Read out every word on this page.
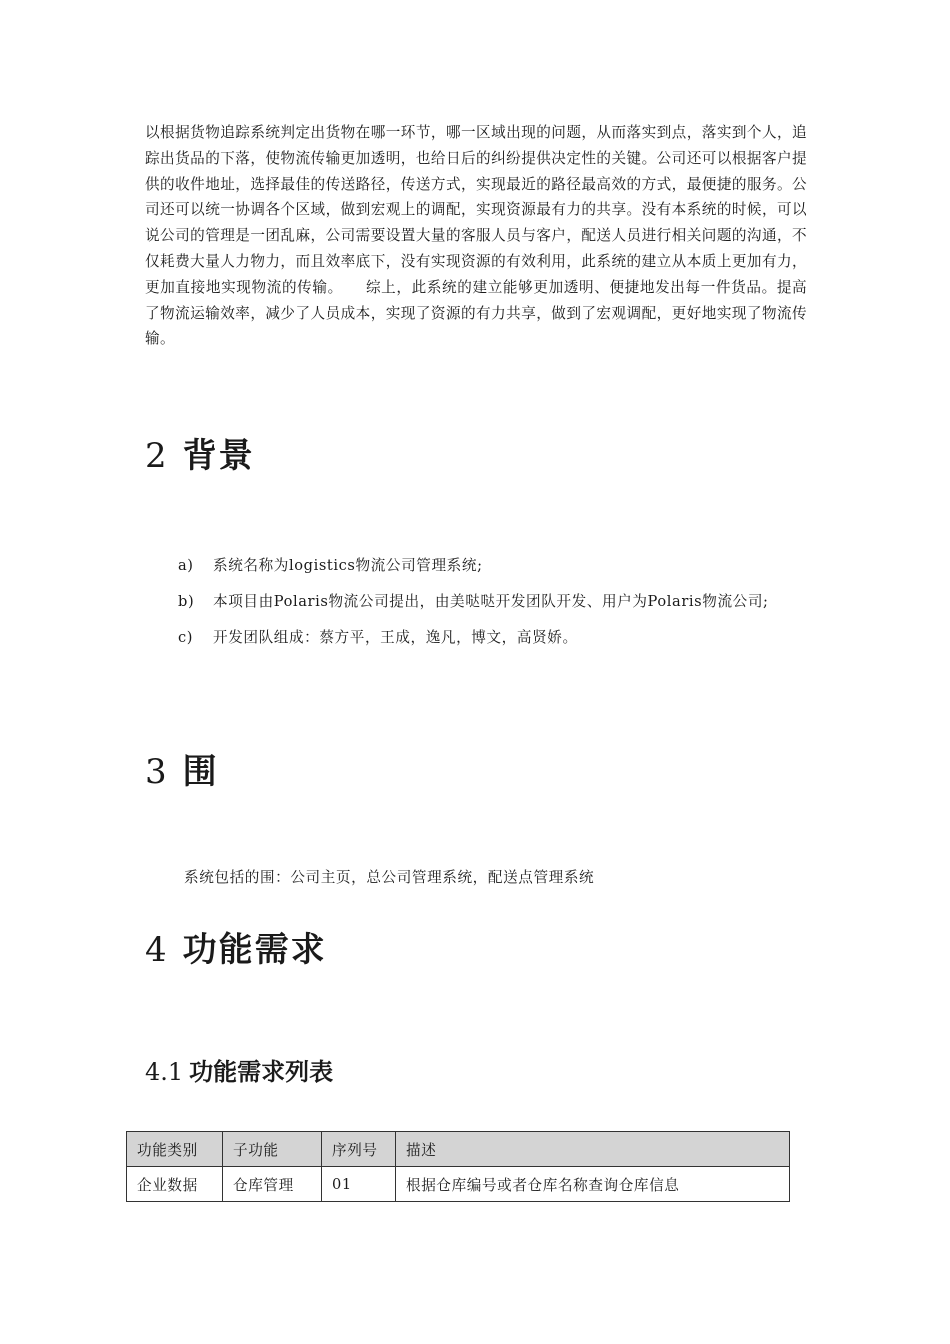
以根据货物追踪系统判定出货物在哪一环节，哪一区域出现的问题，从而落实到点，落实到个人，追踪出货品的下落，使物流传输更加透明，也给日后的纠纷提供决定性的关键。公司还可以根据客户提供的收件地址，选择最佳的传送路径，传送方式，实现最近的路径最高效的方式，最便捷的服务。公司还可以统一协调各个区域，做到宏观上的调配，实现资源最有力的共享。没有本系统的时候，可以说公司的管理是一团乱麻，公司需要设置大量的客服人员与客户，配送人员进行相关问题的沟通，不仅耗费大量人力物力，而且效率底下，没有实现资源的有效利用，此系统的建立从本质上更加有力，更加直接地实现物流的传输。　　综上，此系统的建立能够更加透明、便捷地发出每一件货品。提高了物流运输效率，减少了人员成本，实现了资源的有力共享，做到了宏观调配，更好地实现了物流传输。

2 背景
a) 系统名称为logistics物流公司管理系统;
b) 本项目由Polaris物流公司提出，由美哒哒开发团队开发、用户为Polaris物流公司;
c) 开发团队组成：蔡方平，王成，逸凡，博文，高贤娇。
3 围

系统包括的围：公司主页，总公司管理系统，配送点管理系统

4 功能需求
4.1 功能需求列表
功能类别	子功能	序列号	描述
企业数据	仓库管理	01	根据仓库编号或者仓库名称查询仓库信息
